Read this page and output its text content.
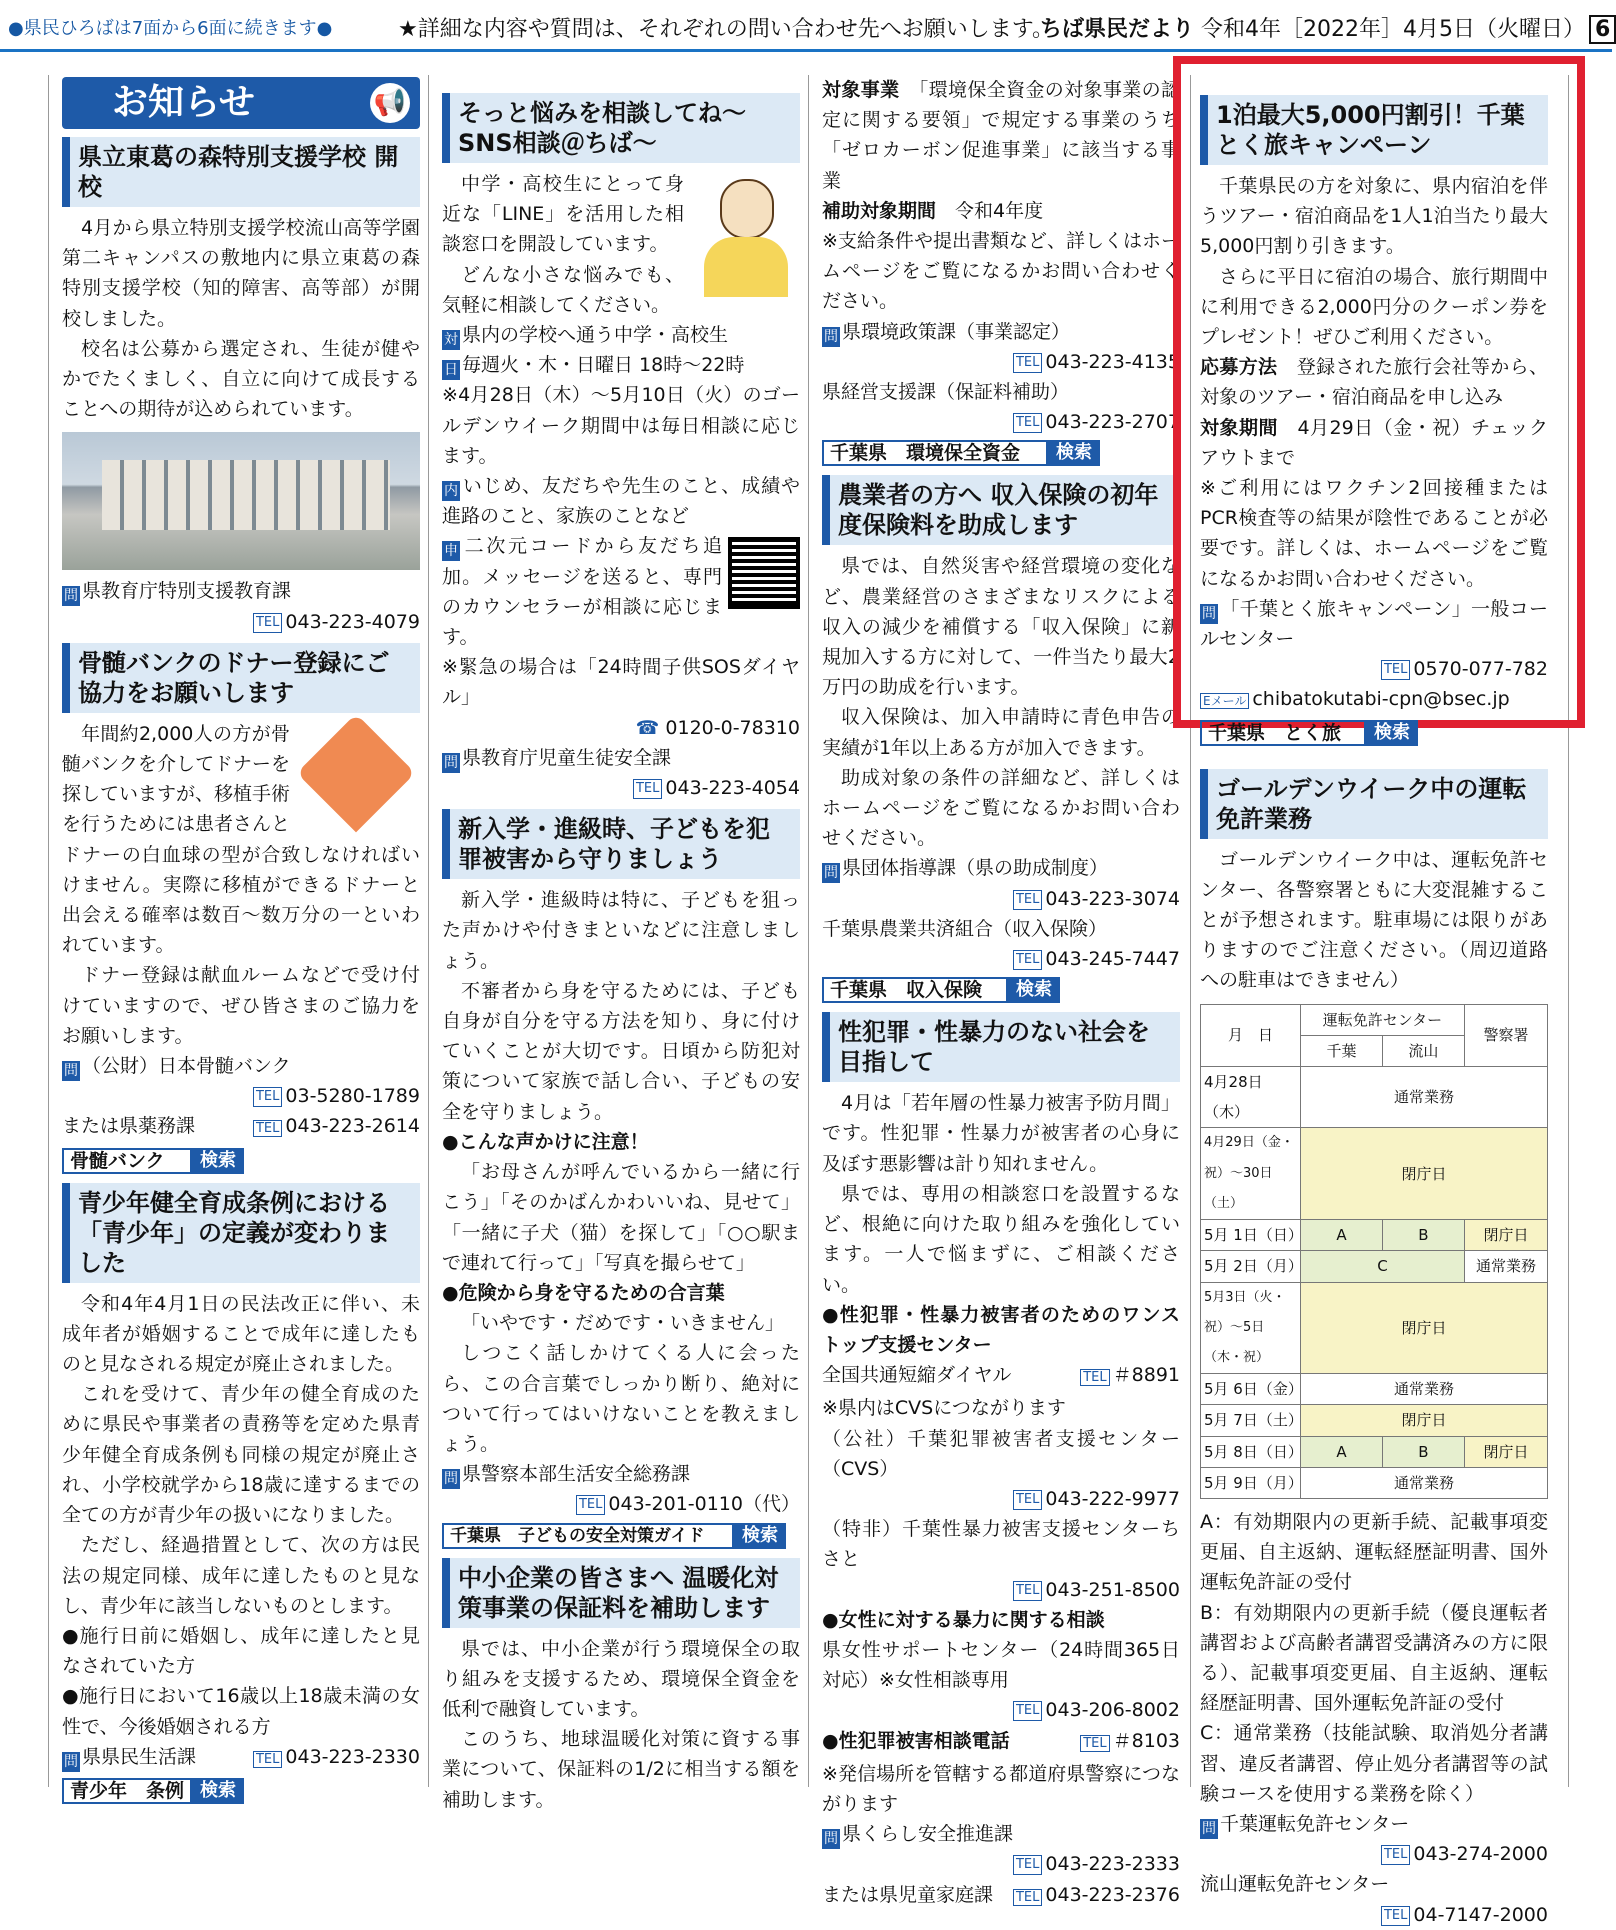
●県民ひろばは7面から6面に続きます●	★詳細な内容や質問は、それぞれの問い合わせ先へお願いします。
ちば県民だより 令和4年［2022年］4月5日（火曜日） 6
お知らせ	📢
県立東葛の森特別支援学校 開校
4月から県立特別支援学校流山高等学園第二キャンパスの敷地内に県立東葛の森特別支援学校（知的障害、高等部）が開校しました。
校名は公募から選定され、生徒が健やかでたくましく、自立に向けて成長することへの期待が込められています。
問 県教育庁特別支援教育課
TEL 043-223-4079
骨髄バンクのドナー登録にご協力をお願いします
年間約2,000人の方が骨髄バンクを介してドナーを探していますが、移植手術を行うためには患者さんとドナーの白血球の型が合致しなければいけません。実際に移植ができるドナーと出会える確率は数百〜数万分の一といわれています。
ドナー登録は献血ルームなどで受け付けていますので、ぜひ皆さまのご協力をお願いします。
問 （公財）日本骨髄バンク
TEL 03-5280-1789
または県薬務課	TEL 043-223-2614
骨髄バンク	検索
青少年健全育成条例における「青少年」の定義が変わりました
令和4年4月1日の民法改正に伴い、未成年者が婚姻することで成年に達したものと見なされる規定が廃止されました。
これを受けて、青少年の健全育成のために県民や事業者の責務等を定めた県青少年健全育成条例も同様の規定が廃止され、小学校就学から18歳に達するまでの全ての方が青少年の扱いになりました。
ただし、経過措置として、次の方は民法の規定同様、成年に達したものと見なし、青少年に該当しないものとします。
●施行日前に婚姻し、成年に達したと見なされていた方
●施行日において16歳以上18歳未満の女性で、今後婚姻される方
問 県県民生活課	TEL 043-223-2330
青少年　条例 検索
そっと悩みを相談してね〜SNS相談＠ちば〜
中学・高校生にとって身近な「LINE」を活用した相談窓口を開設しています。
どんな小さな悩みでも、気軽に相談してください。
対 県内の学校へ通う中学・高校生
日 毎週火・木・日曜日 18時〜22時
※4月28日（木）〜5月10日（火）のゴールデンウイーク期間中は毎日相談に応じます。
内 いじめ、友だちや先生のこと、成績や進路のこと、家族のことなど
申 二次元コードから友だち追加。メッセージを送ると、専門のカウンセラーが相談に応じます。
※緊急の場合は「24時間子供SOSダイヤル」
☎ 0120-0-78310
問 県教育庁児童生徒安全課
TEL 043-223-4054
新入学・進級時、子どもを犯罪被害から守りましょう
新入学・進級時は特に、子どもを狙った声かけや付きまといなどに注意しましょう。
不審者から身を守るためには、子ども自身が自分を守る方法を知り、身に付けていくことが大切です。日頃から防犯対策について家族で話し合い、子どもの安全を守りましょう。
●こんな声かけに注意！
「お母さんが呼んでいるから一緒に行こう」「そのかばんかわいいね、見せて」「一緒に子犬（猫）を探して」「○○駅まで連れて行って」「写真を撮らせて」
●危険から身を守るための合言葉
「いやです・だめです・いきません」
しつこく話しかけてくる人に会ったら、この合言葉でしっかり断り、絶対について行ってはいけないことを教えましょう。
問 県警察本部生活安全総務課
TEL 043-201-0110（代）
千葉県　子どもの安全対策ガイド	検索
中小企業の皆さまへ 温暖化対策事業の保証料を補助します
県では、中小企業が行う環境保全の取り組みを支援するため、環境保全資金を低利で融資しています。
このうち、地球温暖化対策に資する事業について、保証料の1/2に相当する額を補助します。
対象事業　 「環境保全資金の対象事業の認定に関する要領」で規定する事業のうち「ゼロカーボン促進事業」に該当する事業
補助対象期間　 令和4年度
※支給条件や提出書類など、詳しくはホームページをご覧になるかお問い合わせください。
問 県環境政策課（事業認定）
TEL 043-223-4135
県経営支援課（保証料補助）
TEL 043-223-2707
千葉県　環境保全資金	検索
農業者の方へ 収入保険の初年度保険料を助成します
県では、自然災害や経営環境の変化など、農業経営のさまざまなリスクによる収入の減少を補償する「収入保険」に新規加入する方に対して、一件当たり最大2万円の助成を行います。
収入保険は、加入申請時に青色申告の実績が1年以上ある方が加入できます。
助成対象の条件の詳細など、詳しくはホームページをご覧になるかお問い合わせください。
問 県団体指導課（県の助成制度）
TEL 043-223-3074
千葉県農業共済組合（収入保険）
TEL 043-245-7447
千葉県　収入保険	検索
性犯罪・性暴力のない社会を目指して
4月は「若年層の性暴力被害予防月間」です。性犯罪・性暴力が被害者の心身に及ぼす悪影響は計り知れません。
県では、専用の相談窓口を設置するなど、根絶に向けた取り組みを強化しています。一人で悩まずに、ご相談ください。
●性犯罪・性暴力被害者のためのワンストップ支援センター
全国共通短縮ダイヤル	TEL ＃8891
※県内はCVSにつながります
（公社）千葉犯罪被害者支援センター（CVS）
TEL 043-222-9977
（特非）千葉性暴力被害支援センターちさと
TEL 043-251-8500
●女性に対する暴力に関する相談
県女性サポートセンター（24時間365日対応）※女性相談専用
TEL 043-206-8002
●性犯罪被害相談電話	TEL ＃8103
※発信場所を管轄する都道府県警察につながります
問 県くらし安全推進課
TEL 043-223-2333
または県児童家庭課 TEL 043-223-2376
1泊最大5,000円割引！千葉とく旅キャンペーン
千葉県民の方を対象に、県内宿泊を伴うツアー・宿泊商品を1人1泊当たり最大5,000円割り引きます。
さらに平日に宿泊の場合、旅行期間中に利用できる2,000円分のクーポン券をプレゼント！ぜひご利用ください。
応募方法　 登録された旅行会社等から、対象のツアー・宿泊商品を申し込み
対象期間　 4月29日（金・祝）チェックアウトまで
※ご利用にはワクチン2回接種またはPCR検査等の結果が陰性であることが必要です。詳しくは、ホームページをご覧になるかお問い合わせください。
問 「千葉とく旅キャンペーン」一般コールセンター
TEL 0570-077-782
Eメール chibatokutabi-cpn@bsec.jp
千葉県　とく旅	検索
ゴールデンウイーク中の運転免許業務
ゴールデンウイーク中は、運転免許センター、各警察署ともに大変混雑することが予想されます。駐車場には限りがありますのでご注意ください。（周辺道路への駐車はできません）
月　日	運転免許センター		警察署
	千葉	流山	
4月28日（木）	通常業務		
4月29日（金・祝）〜30日（土）	閉庁日		
5月 1日（日）	A	B	閉庁日
5月 2日（月）	C		通常業務
5月3日（火・祝）〜5日（木・祝）	閉庁日		
5月 6日（金）	通常業務		
5月 7日（土）	閉庁日		
5月 8日（日）	A	B	閉庁日
5月 9日（月）	通常業務		
A：有効期限内の更新手続、記載事項変更届、自主返納、運転経歴証明書、国外運転免許証の受付
B：有効期限内の更新手続（優良運転者講習および高齢者講習受講済みの方に限る）、記載事項変更届、自主返納、運転経歴証明書、国外運転免許証の受付
C：通常業務（技能試験、取消処分者講習、違反者講習、停止処分者講習等の試験コースを使用する業務を除く）
問 千葉運転免許センター
TEL 043-274-2000
流山運転免許センター
TEL 04-7147-2000
